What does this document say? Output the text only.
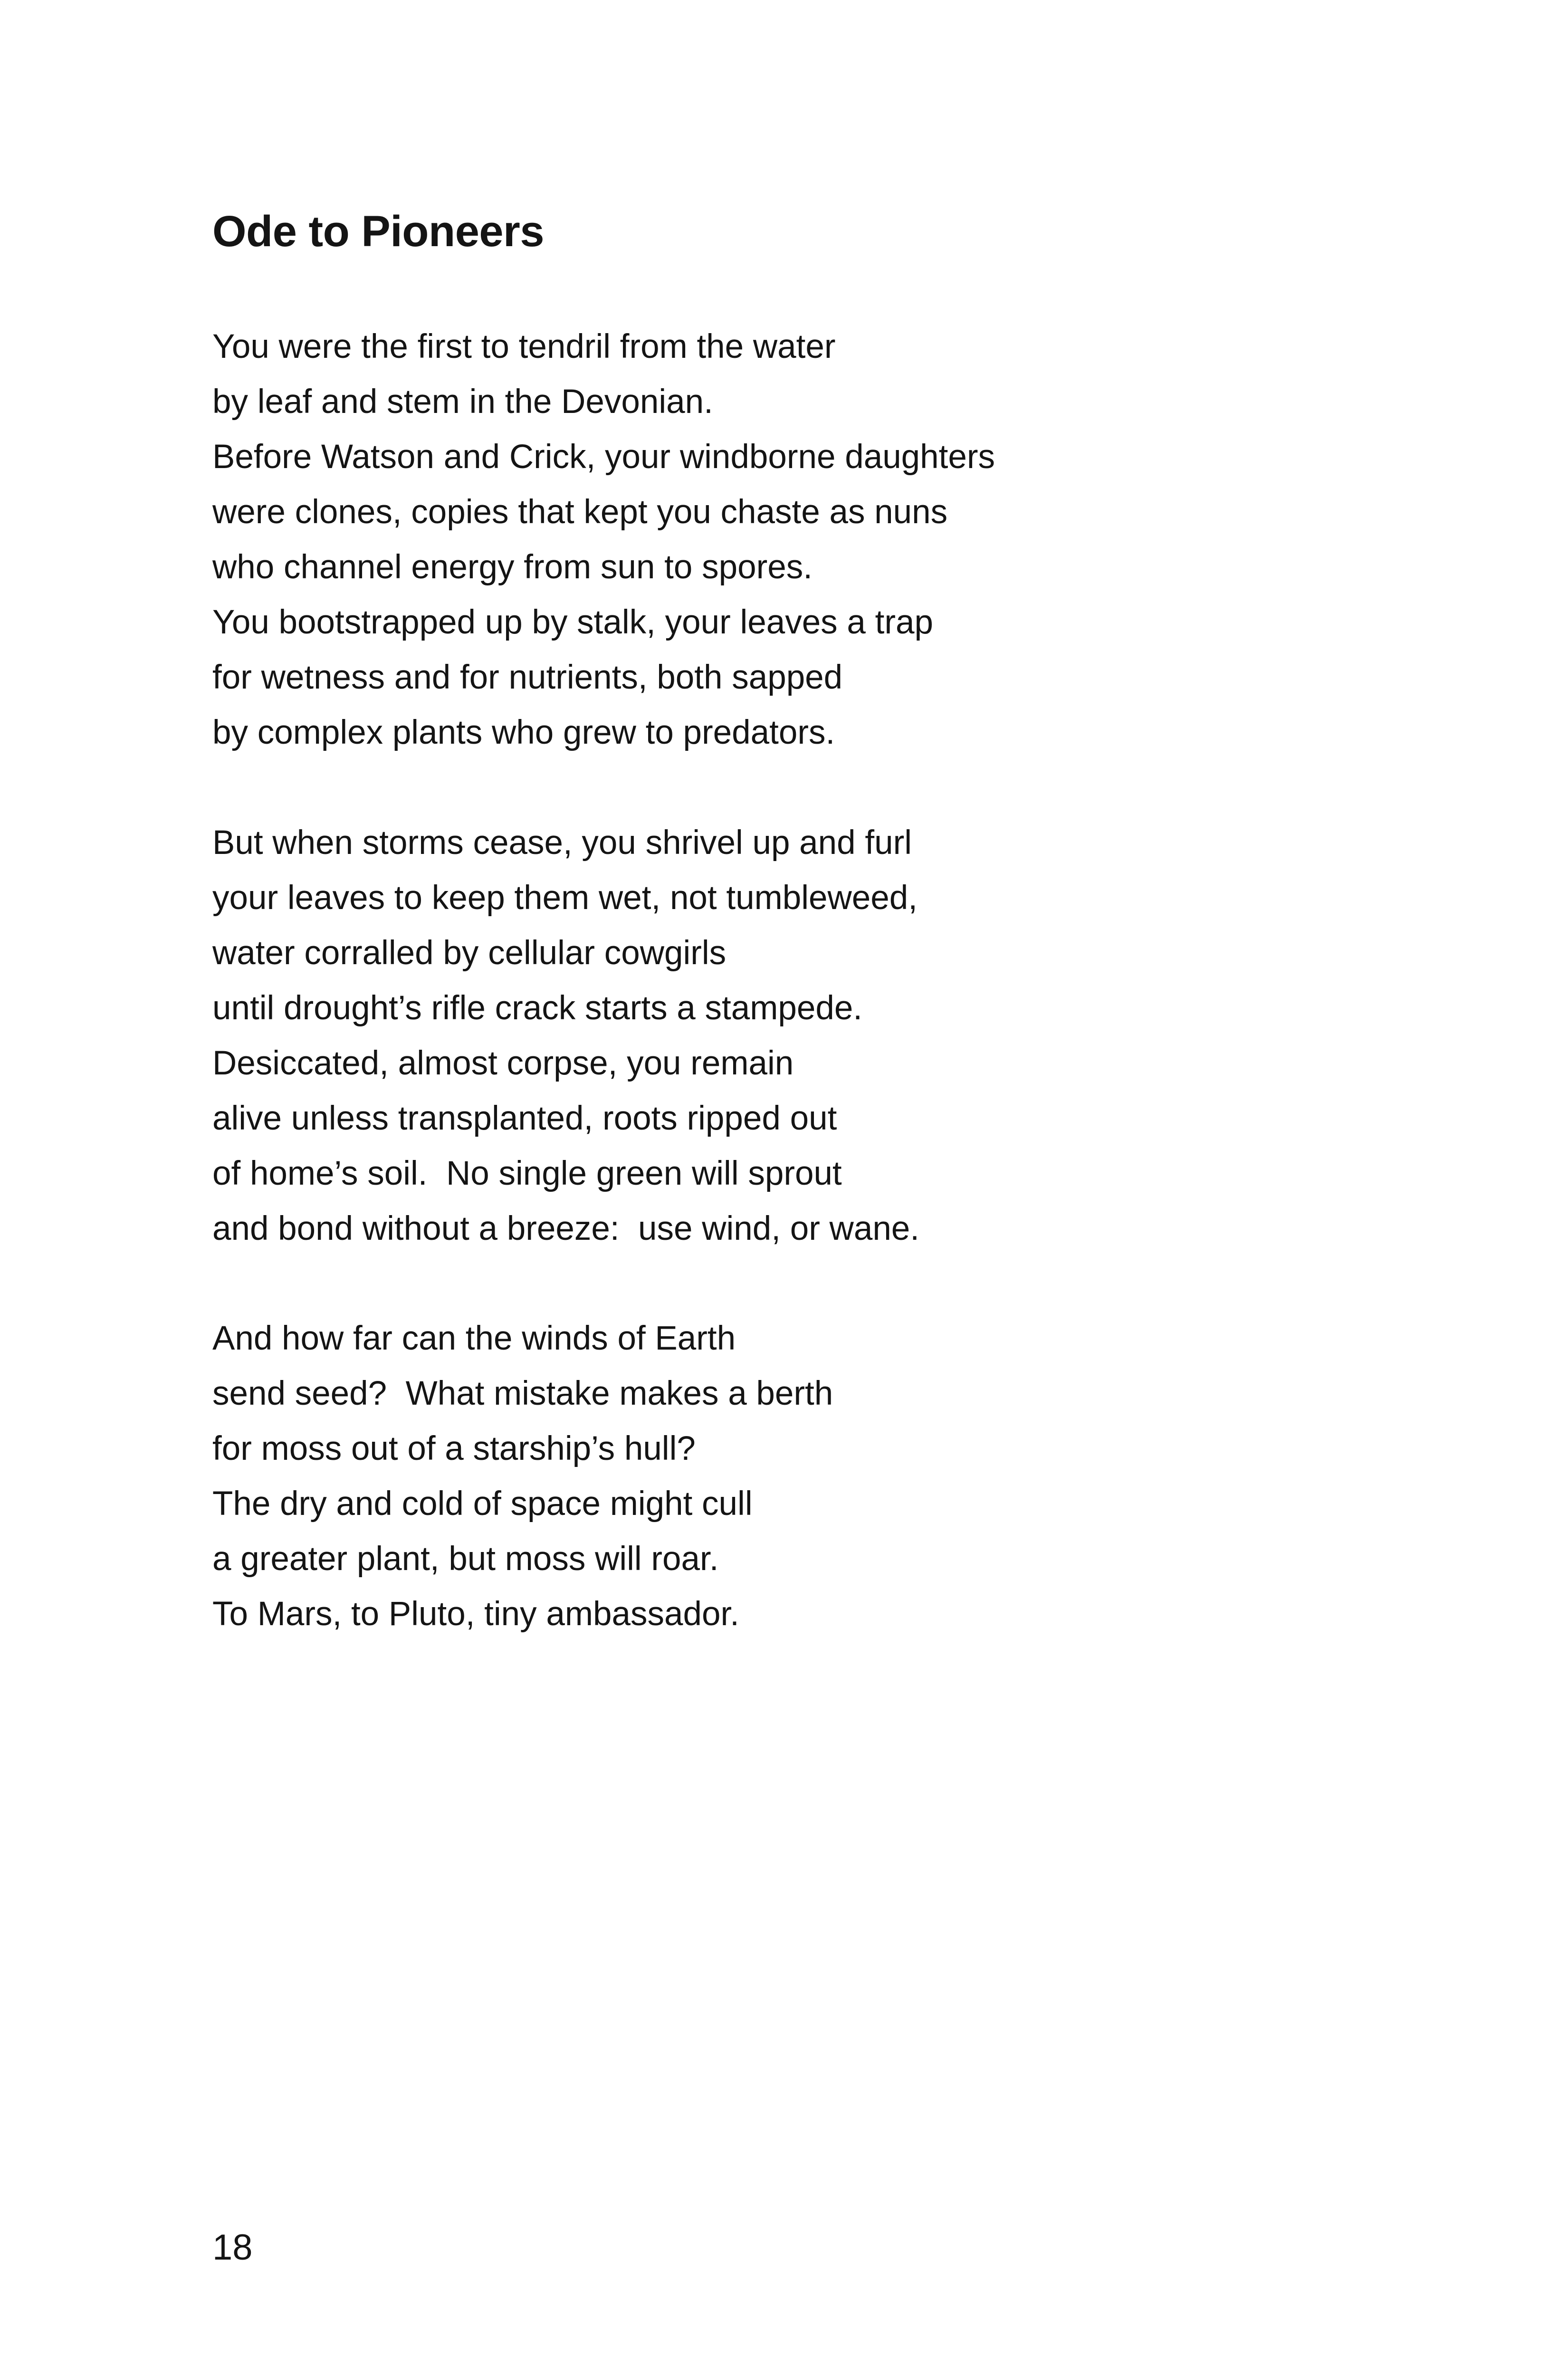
Ode to Pioneers
You were the first to tendril from the water
by leaf and stem in the Devonian.
Before Watson and Crick, your windborne daughters
were clones, copies that kept you chaste as nuns
who channel energy from sun to spores.
You bootstrapped up by stalk, your leaves a trap
for wetness and for nutrients, both sapped
by complex plants who grew to predators.
But when storms cease, you shrivel up and furl
your leaves to keep them wet, not tumbleweed,
water corralled by cellular cowgirls
until drought’s rifle crack starts a stampede.
Desiccated, almost corpse, you remain
alive unless transplanted, roots ripped out
of home’s soil.  No single green will sprout
and bond without a breeze:  use wind, or wane.
And how far can the winds of Earth
send seed?  What mistake makes a berth
for moss out of a starship’s hull?
The dry and cold of space might cull
a greater plant, but moss will roar.
To Mars, to Pluto, tiny ambassador.
18
